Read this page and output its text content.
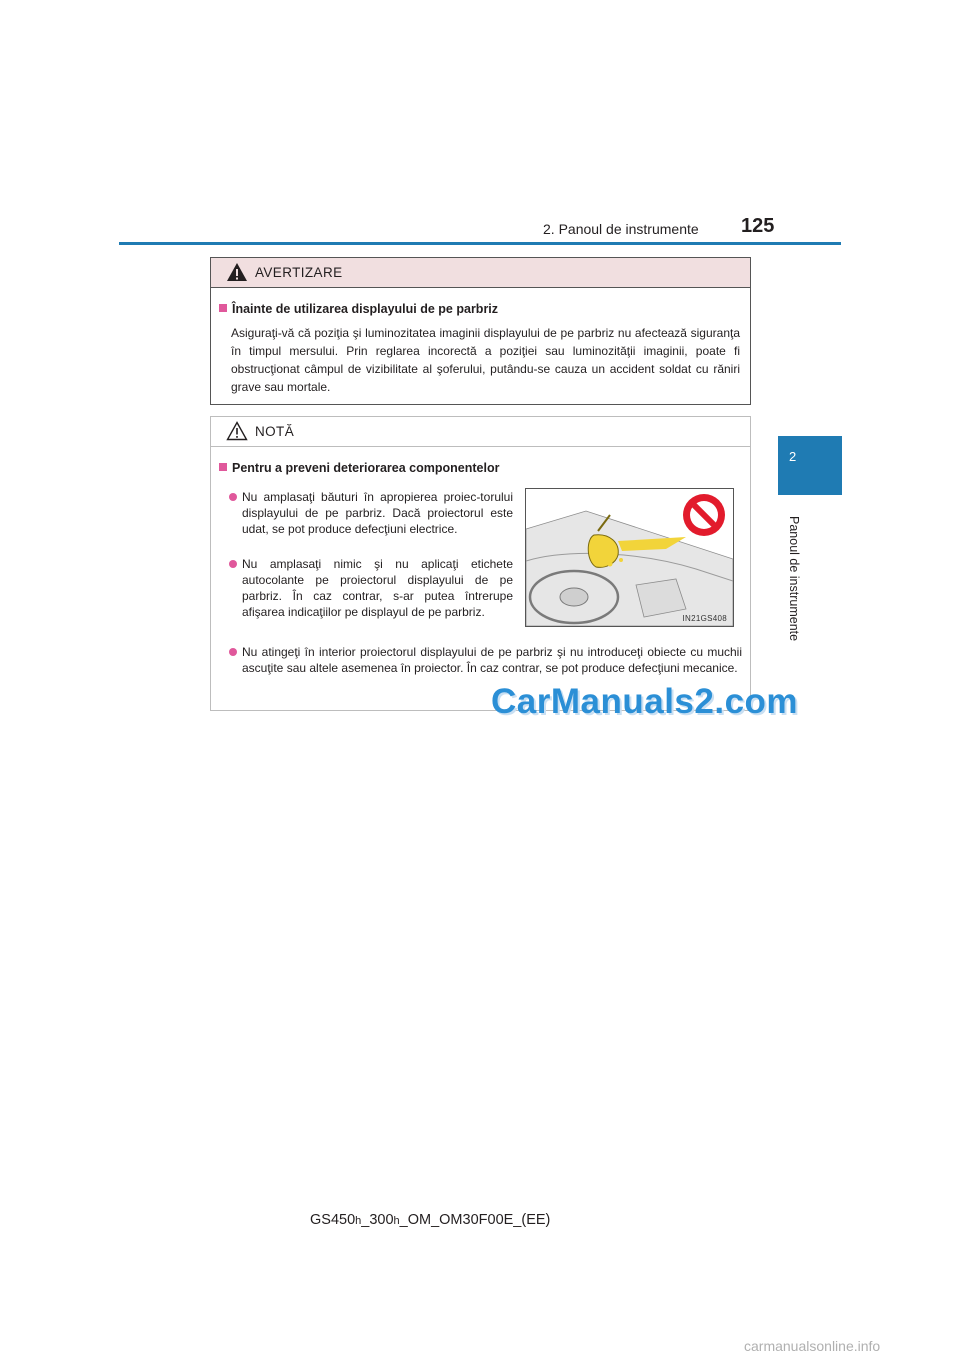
2. Panoul de instrumente 125
2
Panoul de instrumente
AVERTIZARE
Înainte de utilizarea displayului de pe parbriz
Asiguraţi-vă că poziţia şi luminozitatea imaginii displayului de pe parbriz nu afectează siguranţa în timpul mersului. Prin reglarea incorectă a poziţiei sau luminozităţii imaginii, poate fi obstrucţionat câmpul de vizibilitate al şoferului, putându-se cauza un accident soldat cu răniri grave sau mortale.
NOTĂ
Pentru a preveni deteriorarea componentelor
Nu amplasaţi băuturi în apropierea proiec-torului displayului de pe parbriz. Dacă proiectorul este udat, se pot produce defecţiuni electrice.
Nu amplasaţi nimic şi nu aplicaţi etichete autocolante pe proiectorul displayului de pe parbriz. În caz contrar, s-ar putea întrerupe afişarea indicaţiilor pe displayul de pe parbriz.
Nu atingeţi în interior proiectorul displayului de pe parbriz şi nu introduceţi obiecte cu muchii ascuţite sau altele asemenea în proiector. În caz contrar, se pot produce defecţiuni mecanice.
IN21GS408
CarManuals2.com
GS450h_300h_OM_OM30F00E_(EE)
carmanualsonline.info
